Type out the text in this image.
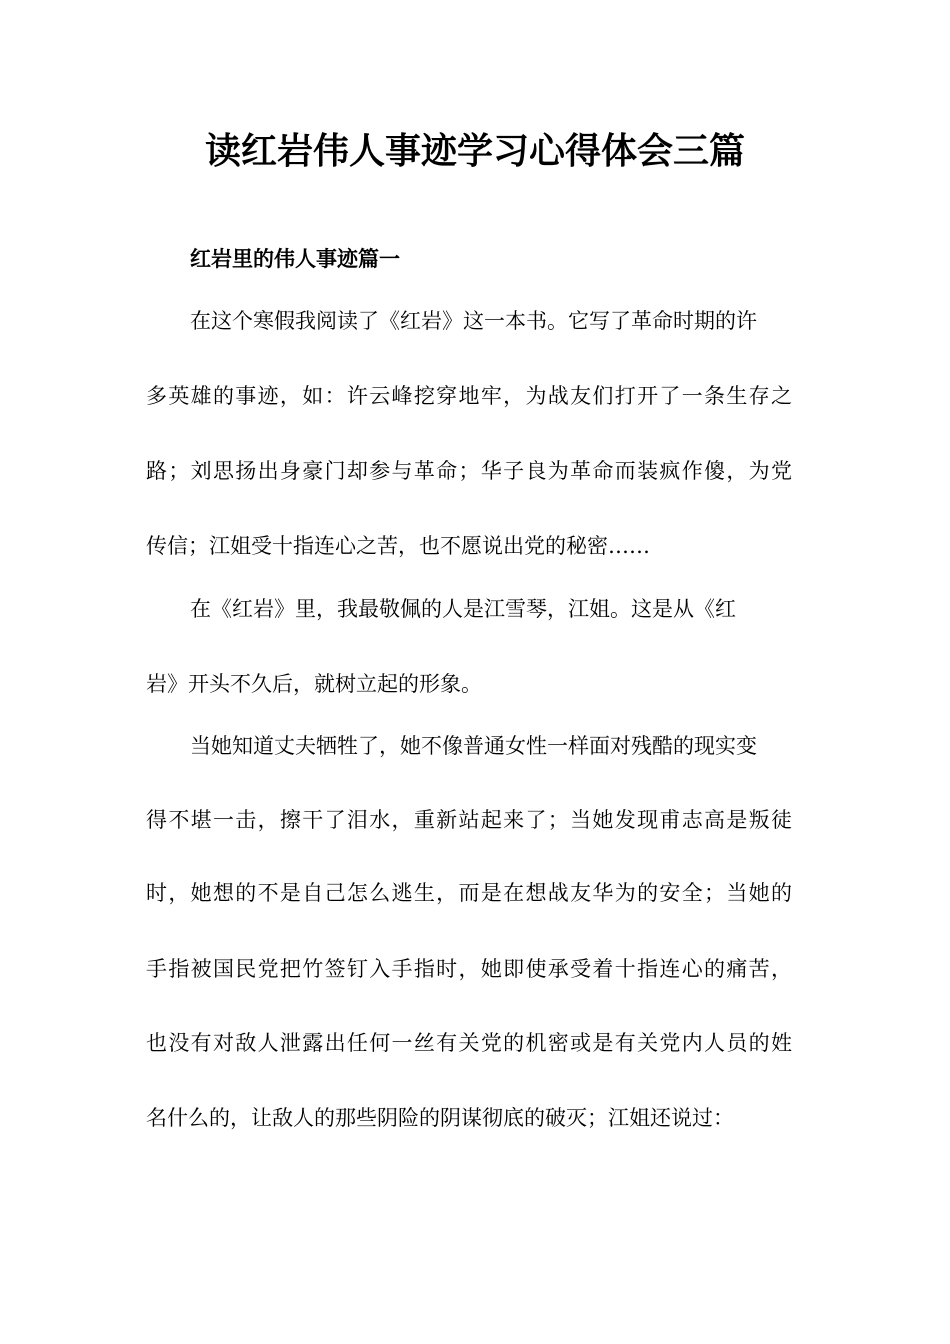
读红岩伟人事迹学习心得体会三篇
红岩里的伟人事迹篇一

在这个寒假我阅读了《红岩》这一本书。它写了革命时期的许

多英雄的事迹，如：许云峰挖穿地牢，为战友们打开了一条生存之

路；刘思扬出身豪门却参与革命；华子良为革命而装疯作傻，为党

传信；江姐受十指连心之苦，也不愿说出党的秘密……

在《红岩》里，我最敬佩的人是江雪琴，江姐。这是从《红

岩》开头不久后，就树立起的形象。

当她知道丈夫牺牲了，她不像普通女性一样面对残酷的现实变

得不堪一击，擦干了泪水，重新站起来了；当她发现甫志高是叛徒

时，她想的不是自己怎么逃生，而是在想战友华为的安全；当她的

手指被国民党把竹签钉入手指时，她即使承受着十指连心的痛苦，

也没有对敌人泄露出任何一丝有关党的机密或是有关党内人员的姓

名什么的，让敌人的那些阴险的阴谋彻底的破灭；江姐还说过：
